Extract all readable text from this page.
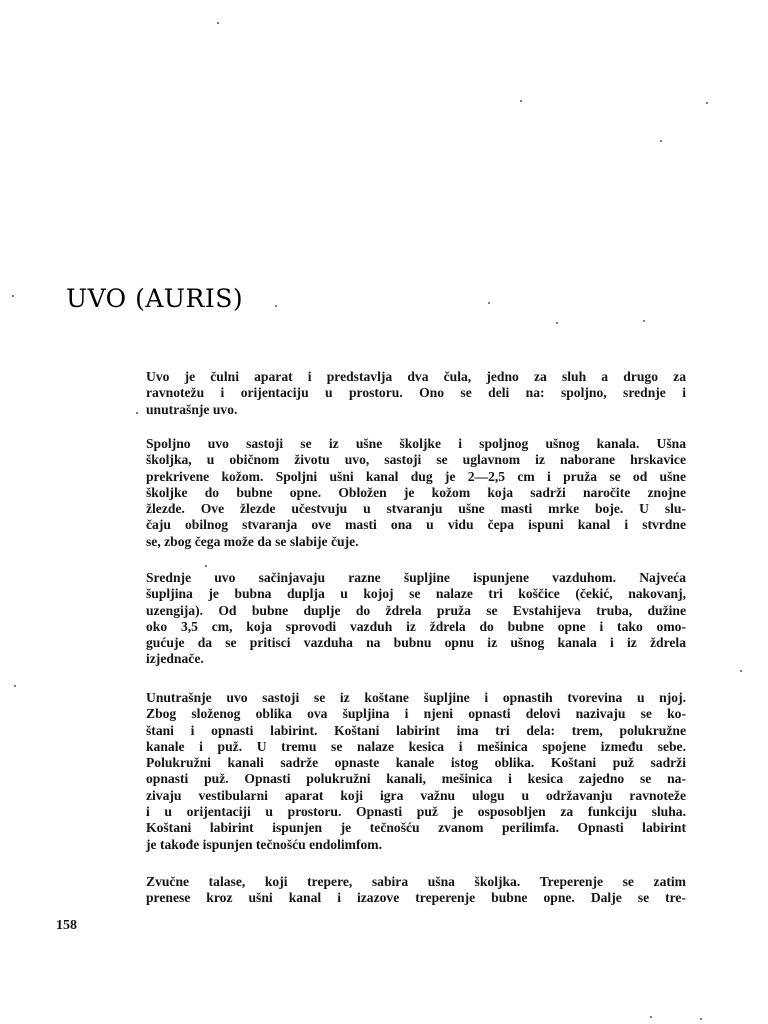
UVO (AURIS)
Uvo je čulni aparat i predstavlja dva čula, jedno za sluh a drugo za
ravnotežu i orijentaciju u prostoru. Ono se deli na: spoljno, srednje i
unutrašnje uvo.
Spoljno uvo sastoji se iz ušne školjke i spoljnog ušnog kanala. Ušna
školjka, u običnom životu uvo, sastoji se uglavnom iz naborane hrskavice
prekrivene kožom. Spoljni ušni kanal dug je 2—2,5 cm i pruža se od ušne
školjke do bubne opne. Obložen je kožom koja sadrži naročite znojne
žlezde. Ove žlezde učestvuju u stvaranju ušne masti mrke boje. U slu-
čaju obilnog stvaranja ove masti ona u vidu čepa ispuni kanal i stvrdne
se, zbog čega može da se slabije čuje.
Srednje uvo sačinjavaju razne šupljine ispunjene vazduhom. Najveća
šupljina je bubna duplja u kojoj se nalaze tri koščice (čekić, nakovanj,
uzengija). Od bubne duplje do ždrela pruža se Evstahijeva truba, dužine
oko 3,5 cm, koja sprovodi vazduh iz ždrela do bubne opne i tako omo-
gućuje da se pritisci vazduha na bubnu opnu iz ušnog kanala i iz ždrela
izjednače.
Unutrašnje uvo sastoji se iz koštane šupljine i opnastih tvorevina u njoj.
Zbog složenog oblika ova šupljina i njeni opnasti delovi nazivaju se ko-
štani i opnasti labirint. Koštani labirint ima tri dela: trem, polukružne
kanale i puž. U tremu se nalaze kesica i mešinica spojene između sebe.
Polukružni kanali sadrže opnaste kanale istog oblika. Koštani puž sadrži
opnasti puž. Opnasti polukružni kanali, mešinica i kesica zajedno se na-
zivaju vestibularni aparat koji igra važnu ulogu u održavanju ravnoteže
i u orijentaciji u prostoru. Opnasti puž je osposobljen za funkciju sluha.
Koštani labirint ispunjen je tečnošću zvanom perilimfa. Opnasti labirint
je takođe ispunjen tečnošću endolimfom.
Zvučne talase, koji trepere, sabira ušna školjka. Treperenje se zatim
prenese kroz ušni kanal i izazove treperenje bubne opne. Dalje se tre-
158
